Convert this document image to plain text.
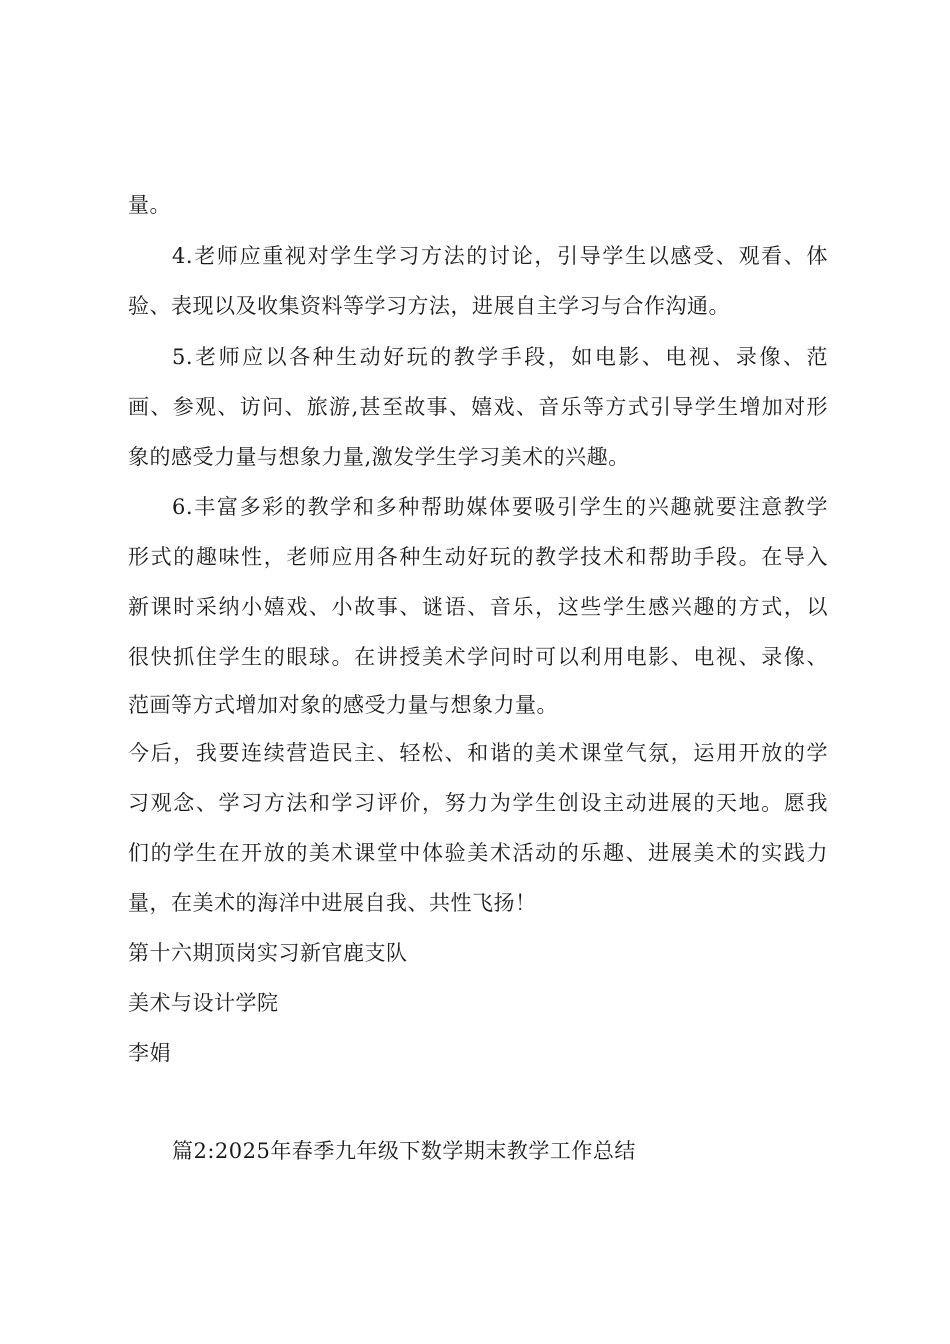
量。
4.老师应重视对学生学习方法的讨论，引导学生以感受、观看、体
验、表现以及收集资料等学习方法，进展自主学习与合作沟通。
5.老师应以各种生动好玩的教学手段，如电影、电视、录像、范
画、参观、访问、旅游,甚至故事、嬉戏、音乐等方式引导学生增加对形
象的感受力量与想象力量,激发学生学习美术的兴趣。
6.丰富多彩的教学和多种帮助媒体要吸引学生的兴趣就要注意教学
形式的趣味性，老师应用各种生动好玩的教学技术和帮助手段。在导入
新课时采纳小嬉戏、小故事、谜语、音乐，这些学生感兴趣的方式，以
很快抓住学生的眼球。在讲授美术学问时可以利用电影、电视、录像、
范画等方式增加对象的感受力量与想象力量。
今后，我要连续营造民主、轻松、和谐的美术课堂气氛，运用开放的学
习观念、学习方法和学习评价，努力为学生创设主动进展的天地。愿我
们的学生在开放的美术课堂中体验美术活动的乐趣、进展美术的实践力
量，在美术的海洋中进展自我、共性飞扬！
第十六期顶岗实习新官鹿支队
美术与设计学院
李娟
篇2:2025年春季九年级下数学期末教学工作总结
